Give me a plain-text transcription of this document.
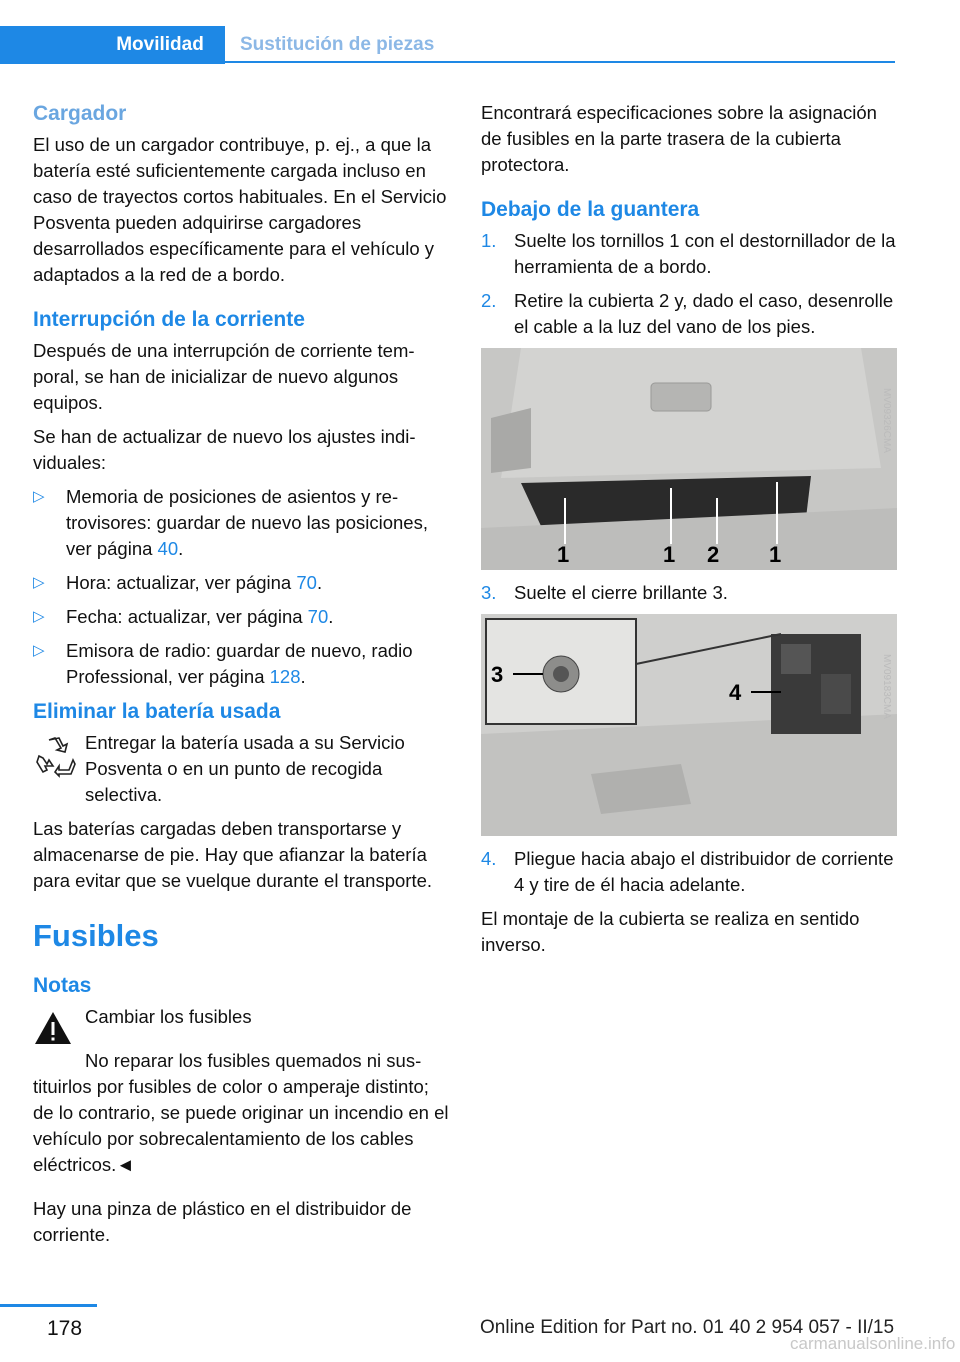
Movilidad	Sustitución de piezas
Cargador

El uso de un cargador contribuye, p. ej., a que la batería esté suficientemente cargada incluso en caso de trayectos cortos habituales. En el Servicio Posventa pueden adquirirse cargadores desarrollados específicamente para el vehículo y adaptados a la red de a bordo.

Interrupción de la corriente

Después de una interrupción de corriente temporal, se han de inicializar de nuevo algunos equipos.

Se han de actualizar de nuevo los ajustes individuales:

▷ Memoria de posiciones de asientos y retrovisores: guardar de nuevo las posiciones, ver página 40.
▷ Hora: actualizar, ver página 70.
▷ Fecha: actualizar, ver página 70.
▷ Emisora de radio: guardar de nuevo, radio Professional, ver página 128.
Eliminar la batería usada
Entregar la batería usada a su Servicio Posventa o en un punto de recogida selectiva.

Las baterías cargadas deben transportarse y almacenarse de pie. Hay que afianzar la batería para evitar que se vuelque durante el transporte.

Fusibles
Notas
Cambiar los fusibles

No reparar los fusibles quemados ni sustituirlos por fusibles de color o amperaje distinto; de lo contrario, se puede originar un incendio en el vehículo por sobrecalentamiento de los cables eléctricos.◄

Hay una pinza de plástico en el distribuidor de corriente.

Encontrará especificaciones sobre la asignación de fusibles en la parte trasera de la cubierta protectora.

Debajo de la guantera
1. Suelte los tornillos 1 con el destornillador de la herramienta de a bordo.
2. Retire la cubierta 2 y, dado el caso, desenrolle el cable a la luz del vano de los pies.
1	1 2 1
MV09326CMA
3. Suelte el cierre brillante 3.
3
4	MV09183CMA
4. Pliegue hacia abajo el distribuidor de corriente 4 y tire de él hacia adelante.

El montaje de la cubierta se realiza en sentido inverso.

178	Online Edition for Part no. 01 40 2 954 057 - II/15
carmanualsonline.info
